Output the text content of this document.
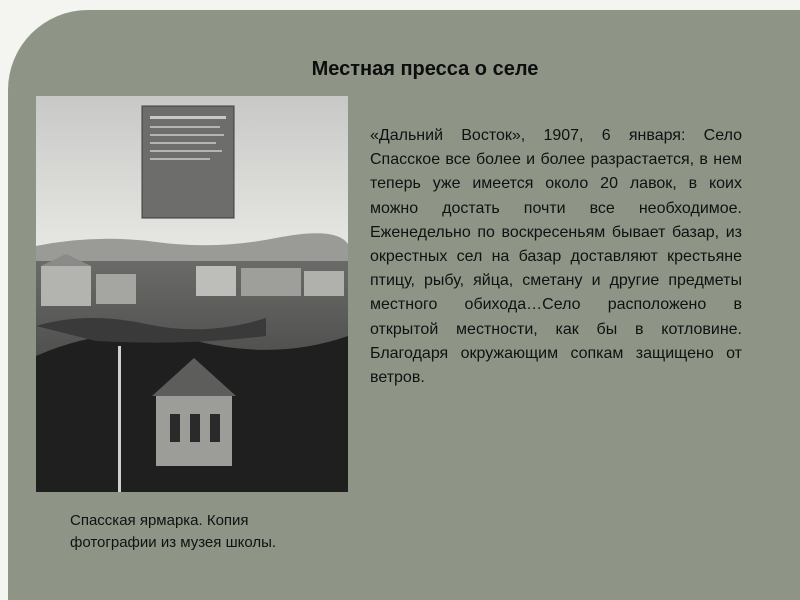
Местная пресса о селе
«Дальний Восток», 1907, 6 января: Село Спасское все более и более разрастается, в нем теперь уже имеется около 20 лавок, в коих можно достать почти все необходимое. Еженедельно по воскресеньям бывает базар, из окрестных сел на базар доставляют крестьяне птицу, рыбу, яйца, сметану и другие предметы местного обихода…Село расположено в открытой местности, как бы в котловине. Благодаря окружающим сопкам защищено от ветров.
Спасская ярмарка. Копия фотографии из музея школы.
